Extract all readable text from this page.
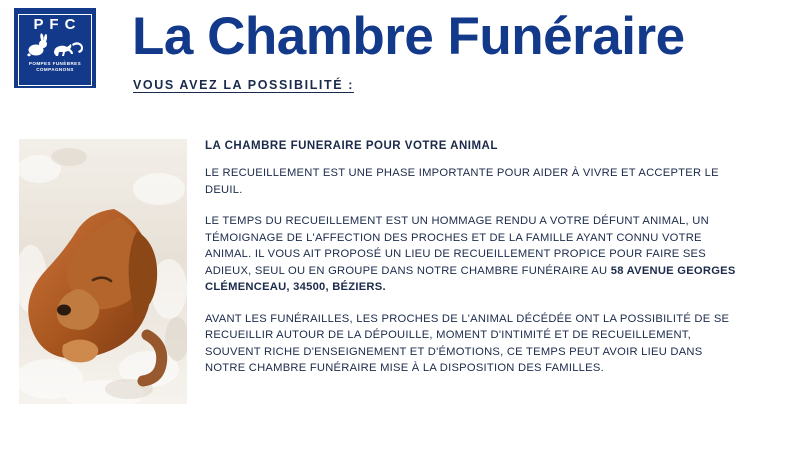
P F C
POMPES FUNÈBRES
COMPAGNONS
La Chambre Funéraire
VOUS AVEZ LA POSSIBILITÉ :
LA CHAMBRE FUNERAIRE POUR VOTRE ANIMAL

LE RECUEILLEMENT EST UNE PHASE IMPORTANTE POUR AIDER À VIVRE ET ACCEPTER LE DEUIL.

LE TEMPS DU RECUEILLEMENT EST UN HOMMAGE RENDU A VOTRE DÉFUNT ANIMAL, UN TÉMOIGNAGE DE L'AFFECTION DES PROCHES ET DE LA FAMILLE AYANT CONNU VOTRE ANIMAL. IL VOUS AIT PROPOSÉ UN LIEU DE RECUEILLEMENT PROPICE POUR FAIRE SES ADIEUX, SEUL OU EN GROUPE DANS NOTRE CHAMBRE FUNÉRAIRE AU 58 AVENUE GEORGES CLÉMENCEAU, 34500, BÉZIERS.

AVANT LES FUNÉRAILLES, LES PROCHES DE L'ANIMAL DÉCÉDÉE ONT LA POSSIBILITÉ DE SE RECUEILLIR AUTOUR DE LA DÉPOUILLE, MOMENT D'INTIMITÉ ET DE RECUEILLEMENT, SOUVENT RICHE D'ENSEIGNEMENT ET D'ÉMOTIONS, CE TEMPS PEUT AVOIR LIEU DANS NOTRE CHAMBRE FUNÉRAIRE MISE À LA DISPOSITION DES FAMILLES.
